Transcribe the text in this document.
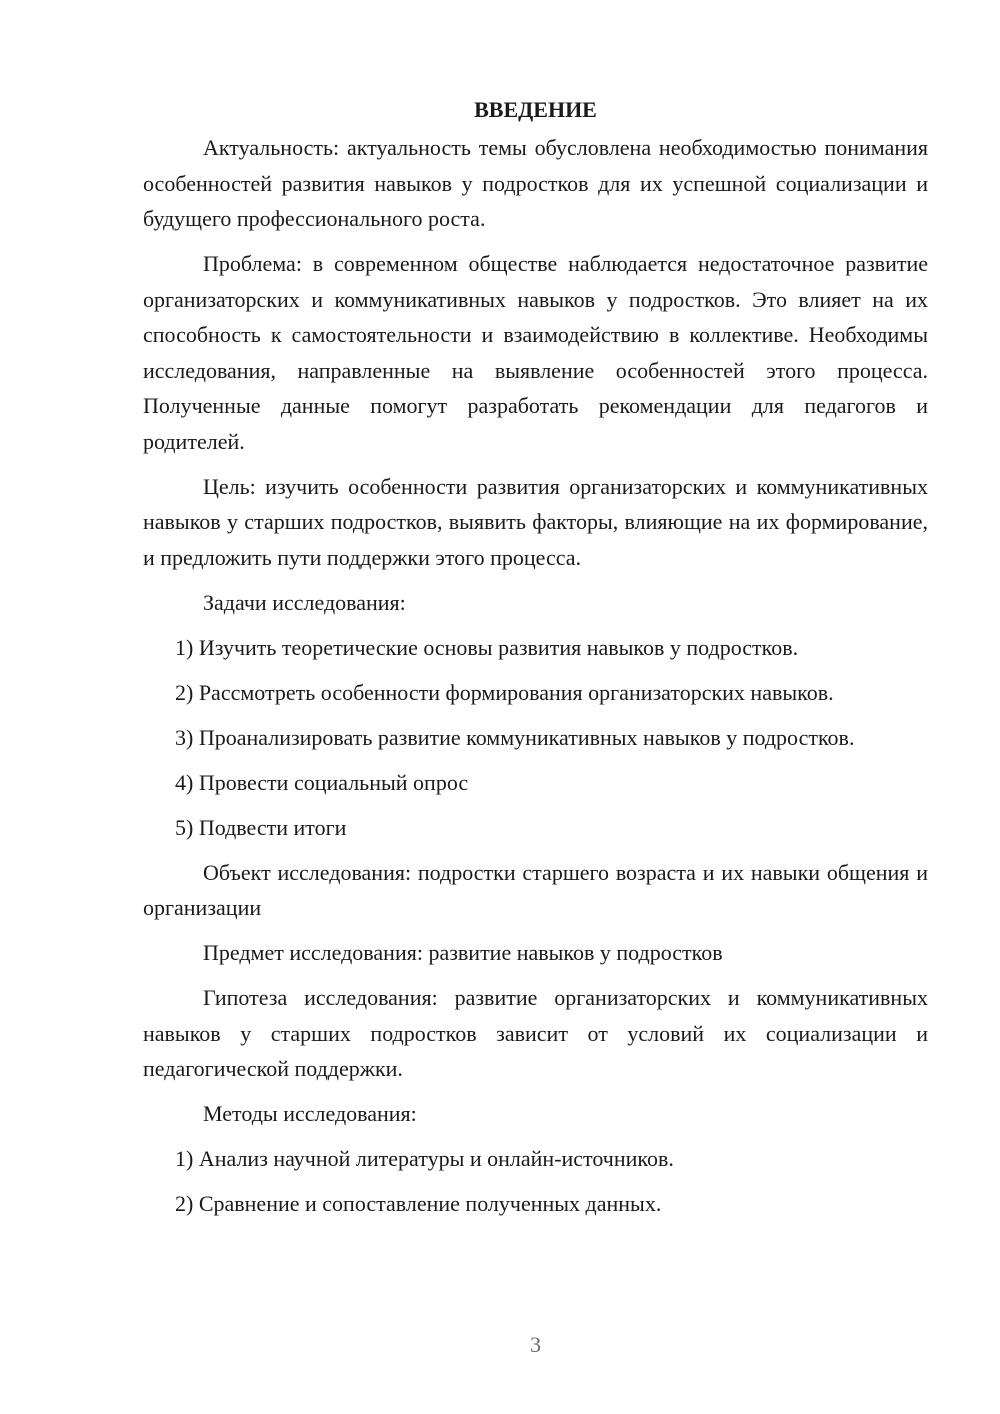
ВВЕДЕНИЕ

Актуальность: актуальность темы обусловлена необходимостью понимания особенностей развития навыков у подростков для их успешной социализации и будущего профессионального роста.

Проблема: в современном обществе наблюдается недостаточное развитие организаторских и коммуникативных навыков у подростков. Это влияет на их способность к самостоятельности и взаимодействию в коллективе. Необходимы исследования, направленные на выявление особенностей этого процесса. Полученные данные помогут разработать рекомендации для педагогов и родителей.

Цель: изучить особенности развития организаторских и коммуникативных навыков у старших подростков, выявить факторы, влияющие на их формирование, и предложить пути поддержки этого процесса.

Задачи исследования:

1) Изучить теоретические основы развития навыков у подростков.

2) Рассмотреть особенности формирования организаторских навыков.

3) Проанализировать развитие коммуникативных навыков у подростков.

4) Провести социальный опрос

5) Подвести итоги

Объект исследования: подростки старшего возраста и их навыки общения и организации

Предмет исследования: развитие навыков у подростков

Гипотеза исследования: развитие организаторских и коммуникативных навыков у старших подростков зависит от условий их социализации и педагогической поддержки.

Методы исследования:

1) Анализ научной литературы и онлайн-источников.

2) Сравнение и сопоставление полученных данных.

3
